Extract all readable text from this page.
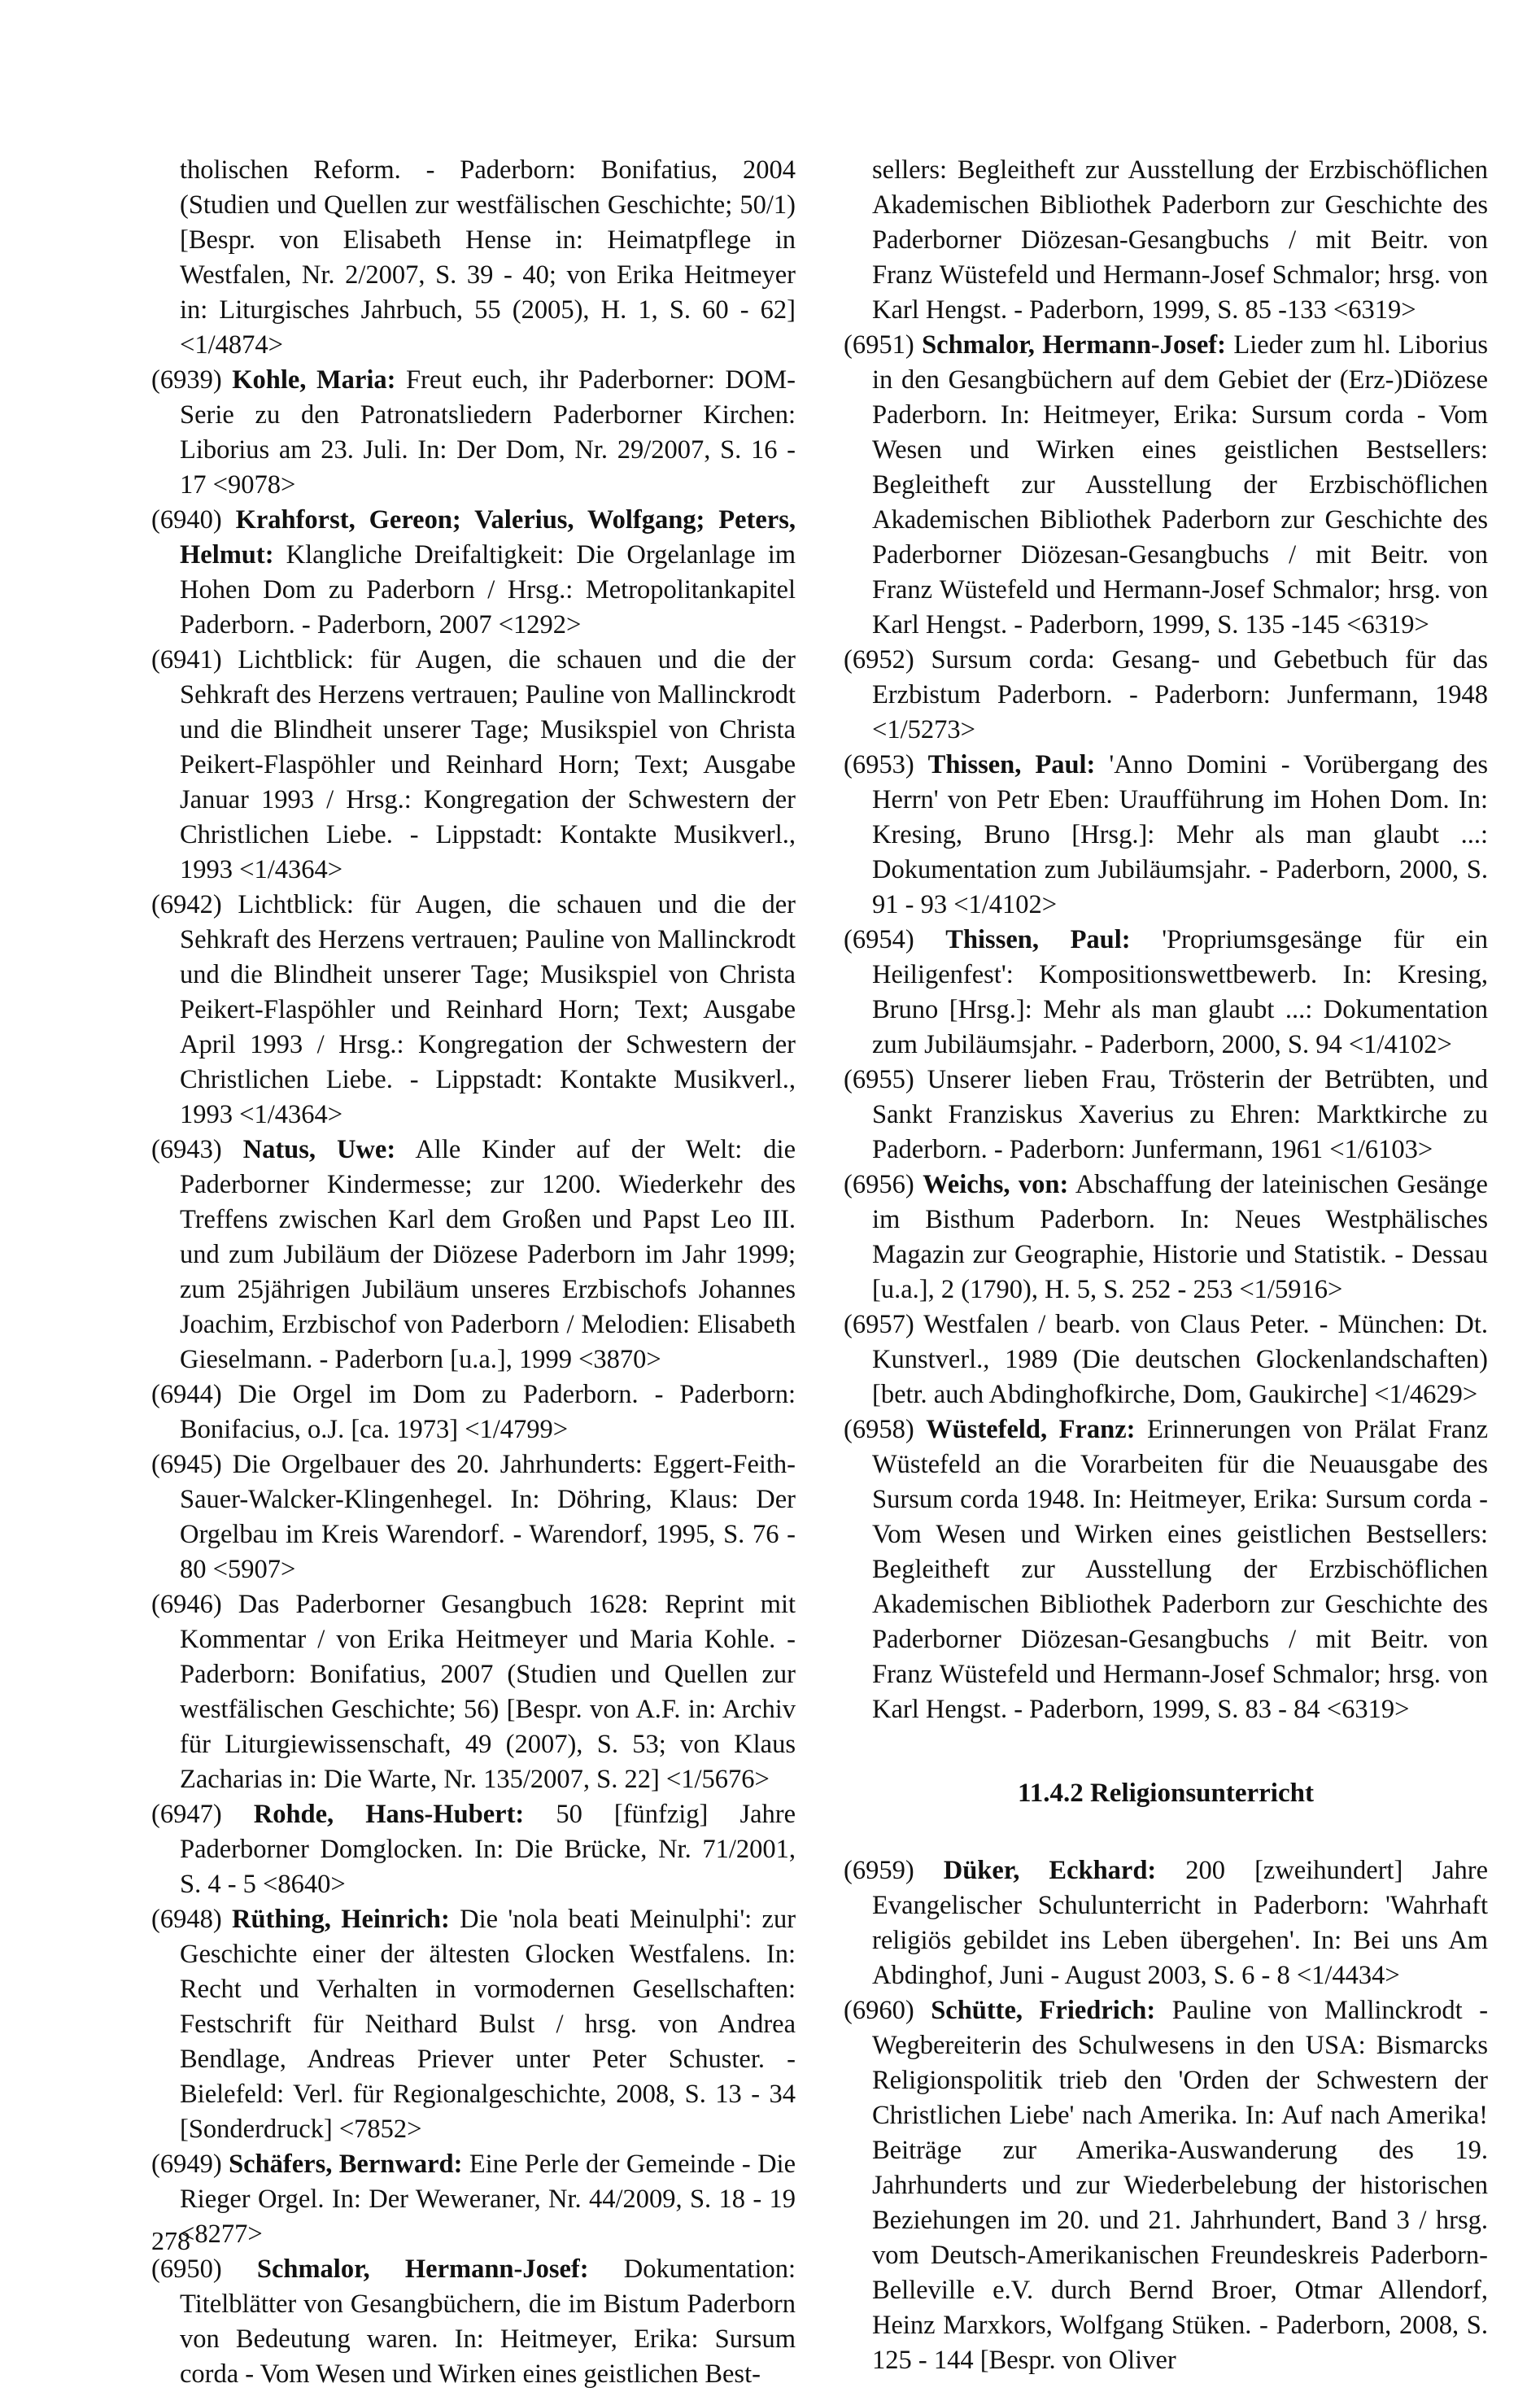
tholischen Reform. - Paderborn: Bonifatius, 2004 (Studien und Quellen zur westfälischen Geschichte; 50/1) [Bespr. von Elisabeth Hense in: Heimatpflege in Westfalen, Nr. 2/2007, S. 39 - 40; von Erika Heitmeyer in: Liturgisches Jahrbuch, 55 (2005), H. 1, S. 60 - 62] <1/4874>

(6939) Kohle, Maria: Freut euch, ihr Paderborner: DOM-Serie zu den Patronatsliedern Paderborner Kirchen: Liborius am 23. Juli. In: Der Dom, Nr. 29/2007, S. 16 - 17 <9078>

(6940) Krahforst, Gereon; Valerius, Wolfgang; Peters, Helmut: Klangliche Dreifaltigkeit: Die Orgelanlage im Hohen Dom zu Paderborn / Hrsg.: Metropolitankapitel Paderborn. - Paderborn, 2007 <1292>

(6941) Lichtblick: für Augen, die schauen und die der Sehkraft des Herzens vertrauen; Pauline von Mallinckrodt und die Blindheit unserer Tage; Musikspiel von Christa Peikert-Flaspöhler und Reinhard Horn; Text; Ausgabe Januar 1993 / Hrsg.: Kongregation der Schwestern der Christlichen Liebe. - Lippstadt: Kontakte Musikverl., 1993 <1/4364>

(6942) Lichtblick: für Augen, die schauen und die der Sehkraft des Herzens vertrauen; Pauline von Mallinckrodt und die Blindheit unserer Tage; Musikspiel von Christa Peikert-Flaspöhler und Reinhard Horn; Text; Ausgabe April 1993 / Hrsg.: Kongregation der Schwestern der Christlichen Liebe. - Lippstadt: Kontakte Musikverl., 1993 <1/4364>

(6943) Natus, Uwe: Alle Kinder auf der Welt: die Paderborner Kindermesse; zur 1200. Wiederkehr des Treffens zwischen Karl dem Großen und Papst Leo III. und zum Jubiläum der Diözese Paderborn im Jahr 1999; zum 25jährigen Jubiläum unseres Erzbischofs Johannes Joachim, Erzbischof von Paderborn / Melodien: Elisabeth Gieselmann. - Paderborn [u.a.], 1999 <3870>

(6944) Die Orgel im Dom zu Paderborn. - Paderborn: Bonifacius, o.J. [ca. 1973] <1/4799>

(6945) Die Orgelbauer des 20. Jahrhunderts: Eggert-Feith-Sauer-Walcker-Klingenhegel. In: Döhring, Klaus: Der Orgelbau im Kreis Warendorf. - Warendorf, 1995, S. 76 - 80 <5907>

(6946) Das Paderborner Gesangbuch 1628: Reprint mit Kommentar / von Erika Heitmeyer und Maria Kohle. - Paderborn: Bonifatius, 2007 (Studien und Quellen zur westfälischen Geschichte; 56) [Bespr. von A.F. in: Archiv für Liturgiewissenschaft, 49 (2007), S. 53; von Klaus Zacharias in: Die Warte, Nr. 135/2007, S. 22] <1/5676>

(6947) Rohde, Hans-Hubert: 50 [fünfzig] Jahre Paderborner Domglocken. In: Die Brücke, Nr. 71/2001, S. 4 - 5 <8640>

(6948) Rüthing, Heinrich: Die 'nola beati Meinulphi': zur Geschichte einer der ältesten Glocken Westfalens. In: Recht und Verhalten in vormodernen Gesellschaften: Festschrift für Neithard Bulst / hrsg. von Andrea Bendlage, Andreas Priever unter Peter Schuster. - Bielefeld: Verl. für Regionalgeschichte, 2008, S. 13 - 34 [Sonderdruck] <7852>

(6949) Schäfers, Bernward: Eine Perle der Gemeinde - Die Rieger Orgel. In: Der Weweraner, Nr. 44/2009, S. 18 - 19 <8277>

(6950) Schmalor, Hermann-Josef: Dokumentation: Titelblätter von Gesangbüchern, die im Bistum Paderborn von Bedeutung waren. In: Heitmeyer, Erika: Sursum corda - Vom Wesen und Wirken eines geistlichen Best-

sellers: Begleitheft zur Ausstellung der Erzbischöflichen Akademischen Bibliothek Paderborn zur Geschichte des Paderborner Diözesan-Gesangbuchs / mit Beitr. von Franz Wüstefeld und Hermann-Josef Schmalor; hrsg. von Karl Hengst. - Paderborn, 1999, S. 85 -133 <6319>

(6951) Schmalor, Hermann-Josef: Lieder zum hl. Liborius in den Gesangbüchern auf dem Gebiet der (Erz-)Diözese Paderborn. In: Heitmeyer, Erika: Sursum corda - Vom Wesen und Wirken eines geistlichen Bestsellers: Begleitheft zur Ausstellung der Erzbischöflichen Akademischen Bibliothek Paderborn zur Geschichte des Paderborner Diözesan-Gesangbuchs / mit Beitr. von Franz Wüstefeld und Hermann-Josef Schmalor; hrsg. von Karl Hengst. - Paderborn, 1999, S. 135 -145 <6319>

(6952) Sursum corda: Gesang- und Gebetbuch für das Erzbistum Paderborn. - Paderborn: Junfermann, 1948 <1/5273>

(6953) Thissen, Paul: 'Anno Domini - Vorübergang des Herrn' von Petr Eben: Uraufführung im Hohen Dom. In: Kresing, Bruno [Hrsg.]: Mehr als man glaubt ...: Dokumentation zum Jubiläumsjahr. - Paderborn, 2000, S. 91 - 93 <1/4102>

(6954) Thissen, Paul: 'Propriumsgesänge für ein Heiligenfest': Kompositionswettbewerb. In: Kresing, Bruno [Hrsg.]: Mehr als man glaubt ...: Dokumentation zum Jubiläumsjahr. - Paderborn, 2000, S. 94 <1/4102>

(6955) Unserer lieben Frau, Trösterin der Betrübten, und Sankt Franziskus Xaverius zu Ehren: Marktkirche zu Paderborn. - Paderborn: Junfermann, 1961 <1/6103>

(6956) Weichs, von: Abschaffung der lateinischen Gesänge im Bisthum Paderborn. In: Neues Westphälisches Magazin zur Geographie, Historie und Statistik. - Dessau [u.a.], 2 (1790), H. 5, S. 252 - 253 <1/5916>

(6957) Westfalen / bearb. von Claus Peter. - München: Dt. Kunstverl., 1989 (Die deutschen Glockenlandschaften) [betr. auch Abdinghofkirche, Dom, Gaukirche] <1/4629>

(6958) Wüstefeld, Franz: Erinnerungen von Prälat Franz Wüstefeld an die Vorarbeiten für die Neuausgabe des Sursum corda 1948. In: Heitmeyer, Erika: Sursum corda - Vom Wesen und Wirken eines geistlichen Bestsellers: Begleitheft zur Ausstellung der Erzbischöflichen Akademischen Bibliothek Paderborn zur Geschichte des Paderborner Diözesan-Gesangbuchs / mit Beitr. von Franz Wüstefeld und Hermann-Josef Schmalor; hrsg. von Karl Hengst. - Paderborn, 1999, S. 83 - 84 <6319>

11.4.2 Religionsunterricht

(6959) Düker, Eckhard: 200 [zweihundert] Jahre Evangelischer Schulunterricht in Paderborn: 'Wahrhaft religiös gebildet ins Leben übergehen'. In: Bei uns Am Abdinghof, Juni - August 2003, S. 6 - 8 <1/4434>

(6960) Schütte, Friedrich: Pauline von Mallinckrodt - Wegbereiterin des Schulwesens in den USA: Bismarcks Religionspolitik trieb den 'Orden der Schwestern der Christlichen Liebe' nach Amerika. In: Auf nach Amerika! Beiträge zur Amerika-Auswanderung des 19. Jahrhunderts und zur Wiederbelebung der historischen Beziehungen im 20. und 21. Jahrhundert, Band 3 / hrsg. vom Deutsch-Amerikanischen Freundeskreis Paderborn-Belleville e.V. durch Bernd Broer, Otmar Allendorf, Heinz Marxkors, Wolfgang Stüken. - Paderborn, 2008, S. 125 - 144 [Bespr. von Oliver

278
